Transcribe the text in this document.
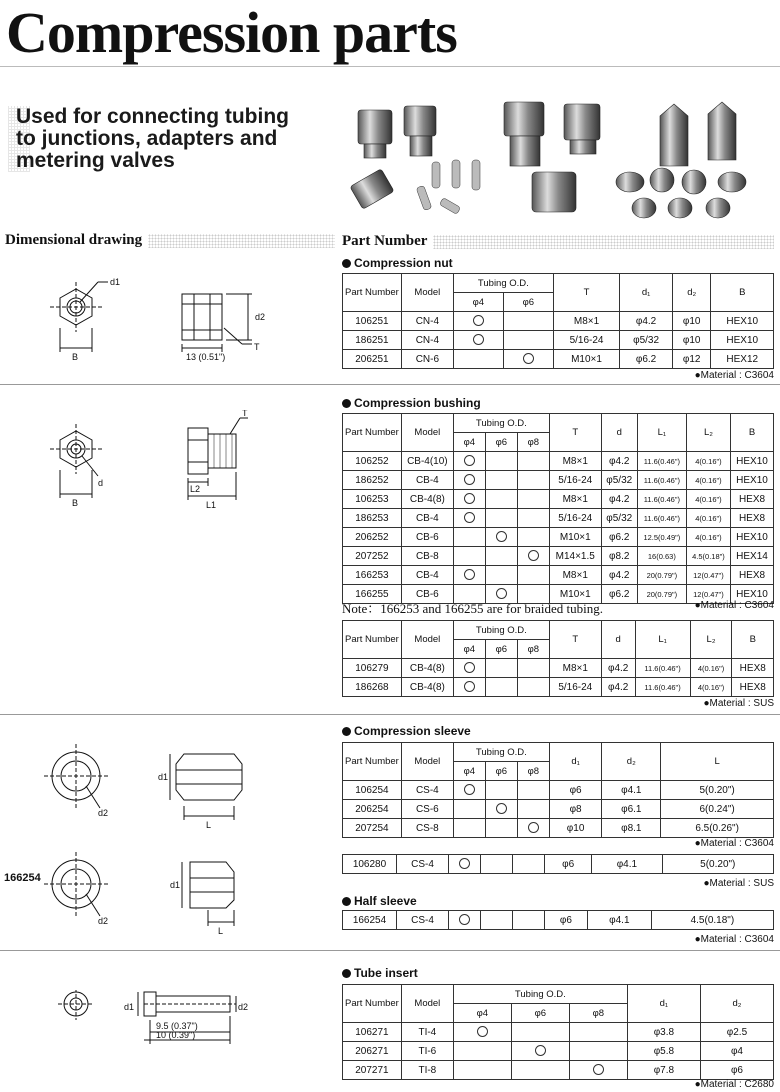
Compression parts
Used for connecting tubing
to junctions, adapters and
metering valves
Dimensional drawing	Part Number
d1
B	13 (0.51")
d2
T
Compression nut
Part Number	Model	Tubing O.D.		T	d₁	d₂	B
		φ4	φ6				
106251	CN-4			M8×1	φ4.2	φ10	HEX10
186251	CN-4			5/16-24	φ5/32	φ10	HEX10
206251	CN-6			M10×1	φ6.2	φ12	HEX12
●Material : C3604
d
B
L2
L1
T
Compression bushing
Part Number	Model	Tubing O.D.			T	d	L₁	L₂	B
		φ4	φ6	φ8					
106252	CB-4(10)				M8×1	φ4.2	11.6(0.46")	4(0.16")	HEX10
186252	CB-4				5/16-24	φ5/32	11.6(0.46")	4(0.16")	HEX10
106253	CB-4(8)				M8×1	φ4.2	11.6(0.46")	4(0.16")	HEX8
186253	CB-4				5/16-24	φ5/32	11.6(0.46")	4(0.16")	HEX8
206252	CB-6				M10×1	φ6.2	12.5(0.49")	4(0.16")	HEX10
207252	CB-8				M14×1.5	φ8.2	16(0.63)	4.5(0.18")	HEX14
166253	CB-4				M8×1	φ4.2	20(0.79")	12(0.47")	HEX8
166255	CB-6				M10×1	φ6.2	20(0.79")	12(0.47")	HEX10
Note：166253 and 166255 are for braided tubing.	●Material : C3604
Part Number	Model	Tubing O.D.			T	d	L₁	L₂	B
		φ4	φ6	φ8					
106279	CB-4(8)				M8×1	φ4.2	11.6(0.46")	4(0.16")	HEX8
186268	CB-4(8)				5/16-24	φ4.2	11.6(0.46")	4(0.16")	HEX8
●Material : SUS
d2
d1
L
d2
d1
L
166254
Compression sleeve
Part Number	Model	Tubing O.D.			d₁	d₂	L
		φ4	φ6	φ8			
106254	CS-4				φ6	φ4.1	5(0.20")
206254	CS-6				φ8	φ6.1	6(0.24")
207254	CS-8				φ10	φ8.1	6.5(0.26")
●Material : C3604
106280	CS-4				φ6	φ4.1	5(0.20")
●Material : SUS
Half sleeve
166254	CS-4				φ6	φ4.1	4.5(0.18")
●Material : C3604
d1	d2
9.5 (0.37")
10 (0.39")
Tube insert
Part Number	Model	Tubing O.D.			d₁	d₂
		φ4	φ6	φ8		
106271	TI-4				φ3.8	φ2.5
206271	TI-6				φ5.8	φ4
207271	TI-8				φ7.8	φ6
●Material : C2680
